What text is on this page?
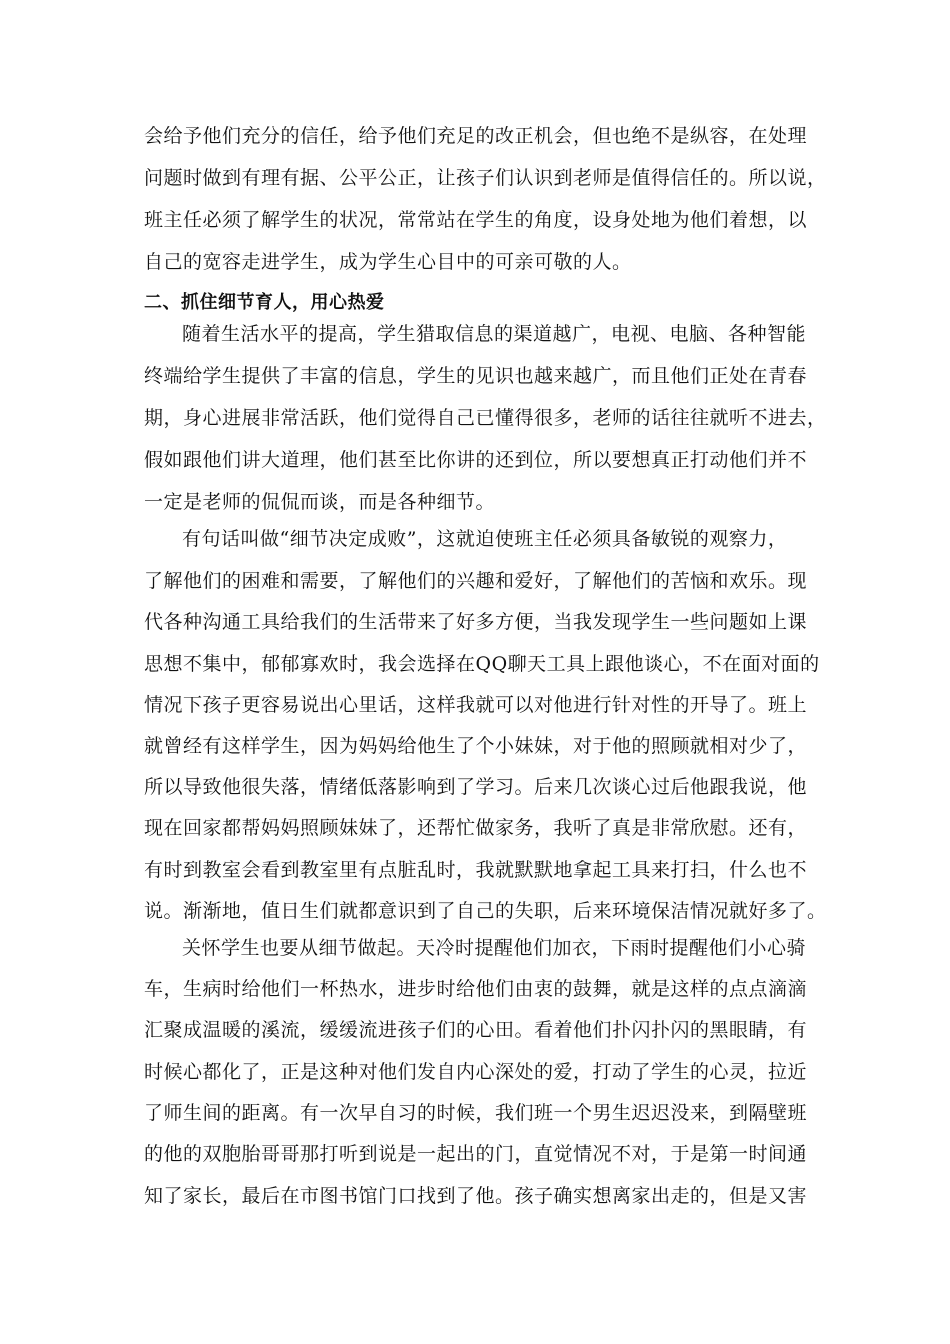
会给予他们充分的信任，给予他们充足的改正机会，但也绝不是纵容，在处理
问题时做到有理有据、公平公正，让孩子们认识到老师是值得信任的。所以说，
班主任必须了解学生的状况，常常站在学生的角度，设身处地为他们着想，以
自己的宽容走进学生，成为学生心目中的可亲可敬的人。
二、抓住细节育人，用心热爱
随着生活水平的提高，学生猎取信息的渠道越广，电视、电脑、各种智能
终端给学生提供了丰富的信息，学生的见识也越来越广，而且他们正处在青春
期，身心进展非常活跃，他们觉得自己已懂得很多，老师的话往往就听不进去，
假如跟他们讲大道理，他们甚至比你讲的还到位，所以要想真正打动他们并不
一定是老师的侃侃而谈，而是各种细节。
有句话叫做“细节决定成败”，这就迫使班主任必须具备敏锐的观察力，
了解他们的困难和需要，了解他们的兴趣和爱好，了解他们的苦恼和欢乐。现
代各种沟通工具给我们的生活带来了好多方便，当我发现学生一些问题如上课
思想不集中，郁郁寡欢时，我会选择在QQ聊天工具上跟他谈心，不在面对面的
情况下孩子更容易说出心里话，这样我就可以对他进行针对性的开导了。班上
就曾经有这样学生，因为妈妈给他生了个小妹妹，对于他的照顾就相对少了，
所以导致他很失落，情绪低落影响到了学习。后来几次谈心过后他跟我说，他
现在回家都帮妈妈照顾妹妹了，还帮忙做家务，我听了真是非常欣慰。还有，
有时到教室会看到教室里有点脏乱时，我就默默地拿起工具来打扫，什么也不
说。渐渐地，值日生们就都意识到了自己的失职，后来环境保洁情况就好多了。
关怀学生也要从细节做起。天冷时提醒他们加衣，下雨时提醒他们小心骑
车，生病时给他们一杯热水，进步时给他们由衷的鼓舞，就是这样的点点滴滴
汇聚成温暖的溪流，缓缓流进孩子们的心田。看着他们扑闪扑闪的黑眼睛，有
时候心都化了，正是这种对他们发自内心深处的爱，打动了学生的心灵，拉近
了师生间的距离。有一次早自习的时候，我们班一个男生迟迟没来，到隔壁班
的他的双胞胎哥哥那打听到说是一起出的门，直觉情况不对，于是第一时间通
知了家长，最后在市图书馆门口找到了他。孩子确实想离家出走的，但是又害
